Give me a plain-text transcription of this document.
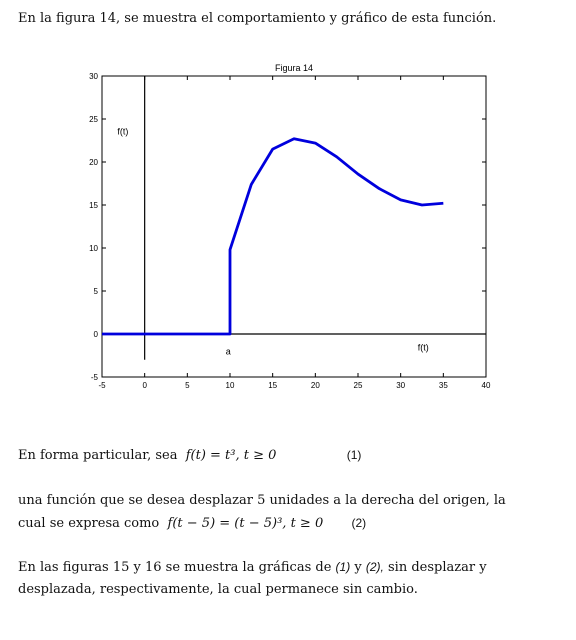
En la figura 14, se muestra el comportamiento y gráfico de esta función.

Figura 14
-5	0	5	10	15	20	25	30	35	40
-5
0
5
10
15
20
25
30
f(t)
a	f(t)

En forma particular, sea f(t) = t³, t ≥ 0	(1)

una función que se desea desplazar 5 unidades a la derecha del origen, la

cual se expresa como f(t − 5) = (t − 5)³, t ≥ 0 (2)

En las figuras 15 y 16 se muestra la gráficas de (1) y (2), sin desplazar y

desplazada, respectivamente, la cual permanece sin cambio.
